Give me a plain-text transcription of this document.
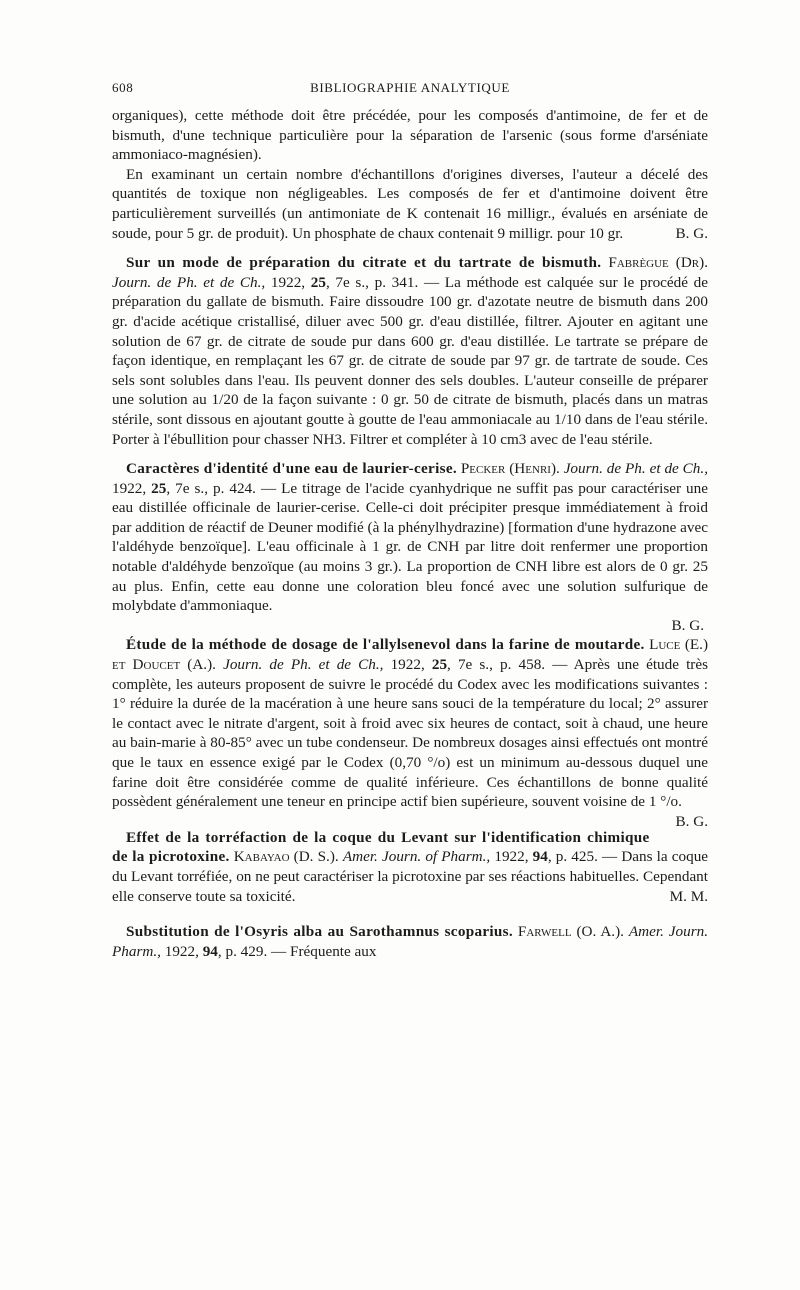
608	BIBLIOGRAPHIE ANALYTIQUE

organiques), cette méthode doit être précédée, pour les composés d'antimoine, de fer et de bismuth, d'une technique particulière pour la séparation de l'arsenic (sous forme d'arséniate ammoniaco-magnésien).

En examinant un certain nombre d'échantillons d'origines diverses, l'auteur a décelé des quantités de toxique non négligeables. Les composés de fer et d'antimoine doivent être particulièrement surveillés (un antimoniate de K contenait 16 milligr., évalués en arséniate de soude, pour 5 gr. de produit). Un phosphate de chaux contenait 9 milligr. pour 10 gr.	B. G.

Sur un mode de préparation du citrate et du tartrate de bismuth. Fabrègue (Dr). Journ. de Ph. et de Ch., 1922, 25, 7e s., p. 341. — La méthode est calquée sur le procédé de préparation du gallate de bismuth. Faire dissoudre 100 gr. d'azotate neutre de bismuth dans 200 gr. d'acide acétique cristallisé, diluer avec 500 gr. d'eau distillée, filtrer. Ajouter en agitant une solution de 67 gr. de citrate de soude pur dans 600 gr. d'eau distillée. Le tartrate se prépare de façon identique, en remplaçant les 67 gr. de citrate de soude par 97 gr. de tartrate de soude. Ces sels sont solubles dans l'eau. Ils peuvent donner des sels doubles. L'auteur conseille de préparer une solution au 1/20 de la façon suivante : 0 gr. 50 de citrate de bismuth, placés dans un matras stérile, sont dissous en ajoutant goutte à goutte de l'eau ammoniacale au 1/10 dans de l'eau stérile. Porter à l'ébullition pour chasser NH3. Filtrer et compléter à 10 cm3 avec de l'eau stérile.

Caractères d'identité d'une eau de laurier-cerise. Pecker (Henri). Journ. de Ph. et de Ch., 1922, 25, 7e s., p. 424. — Le titrage de l'acide cyanhydrique ne suffit pas pour caractériser une eau distillée officinale de laurier-cerise. Celle-ci doit précipiter presque immédiatement à froid par addition de réactif de Deuner modifié (à la phénylhydrazine) [formation d'une hydrazone avec l'aldéhyde benzoïque]. L'eau officinale à 1 gr. de CNH par litre doit renfermer une proportion notable d'aldéhyde benzoïque (au moins 3 gr.). La proportion de CNH libre est alors de 0 gr. 25 au plus. Enfin, cette eau donne une coloration bleu foncé avec une solution sulfurique de molybdate d'ammoniaque.

B. G.

Étude de la méthode de dosage de l'allylsenevol dans la farine de moutarde. Luce (E.) et Doucet (A.). Journ. de Ph. et de Ch., 1922, 25, 7e s., p. 458. — Après une étude très complète, les auteurs proposent de suivre le procédé du Codex avec les modifications suivantes : 1° réduire la durée de la macération à une heure sans souci de la température du local; 2° assurer le contact avec le nitrate d'argent, soit à froid avec six heures de contact, soit à chaud, une heure au bain-marie à 80-85° avec un tube condenseur. De nombreux dosages ainsi effectués ont montré que le taux en essence exigé par le Codex (0,70 °/o) est un minimum au-dessous duquel une farine doit être considérée comme de qualité inférieure. Ces échantillons de bonne qualité possèdent généralement une teneur en principe actif bien supérieure, souvent voisine de 1 °/o.
B. G.

Effet de la torréfaction de la coque du Levant sur l'identification chimique de la picrotoxine. Kabayao (D. S.). Amer. Journ. of Pharm., 1922, 94, p. 425. — Dans la coque du Levant torréfiée, on ne peut caractériser la picrotoxine par ses réactions habituelles. Cependant elle conserve toute sa toxicité.	M. M.

Substitution de l'Osyris alba au Sarothamnus scoparius. Farwell (O. A.). Amer. Journ. Pharm., 1922, 94, p. 429. — Fréquente aux
